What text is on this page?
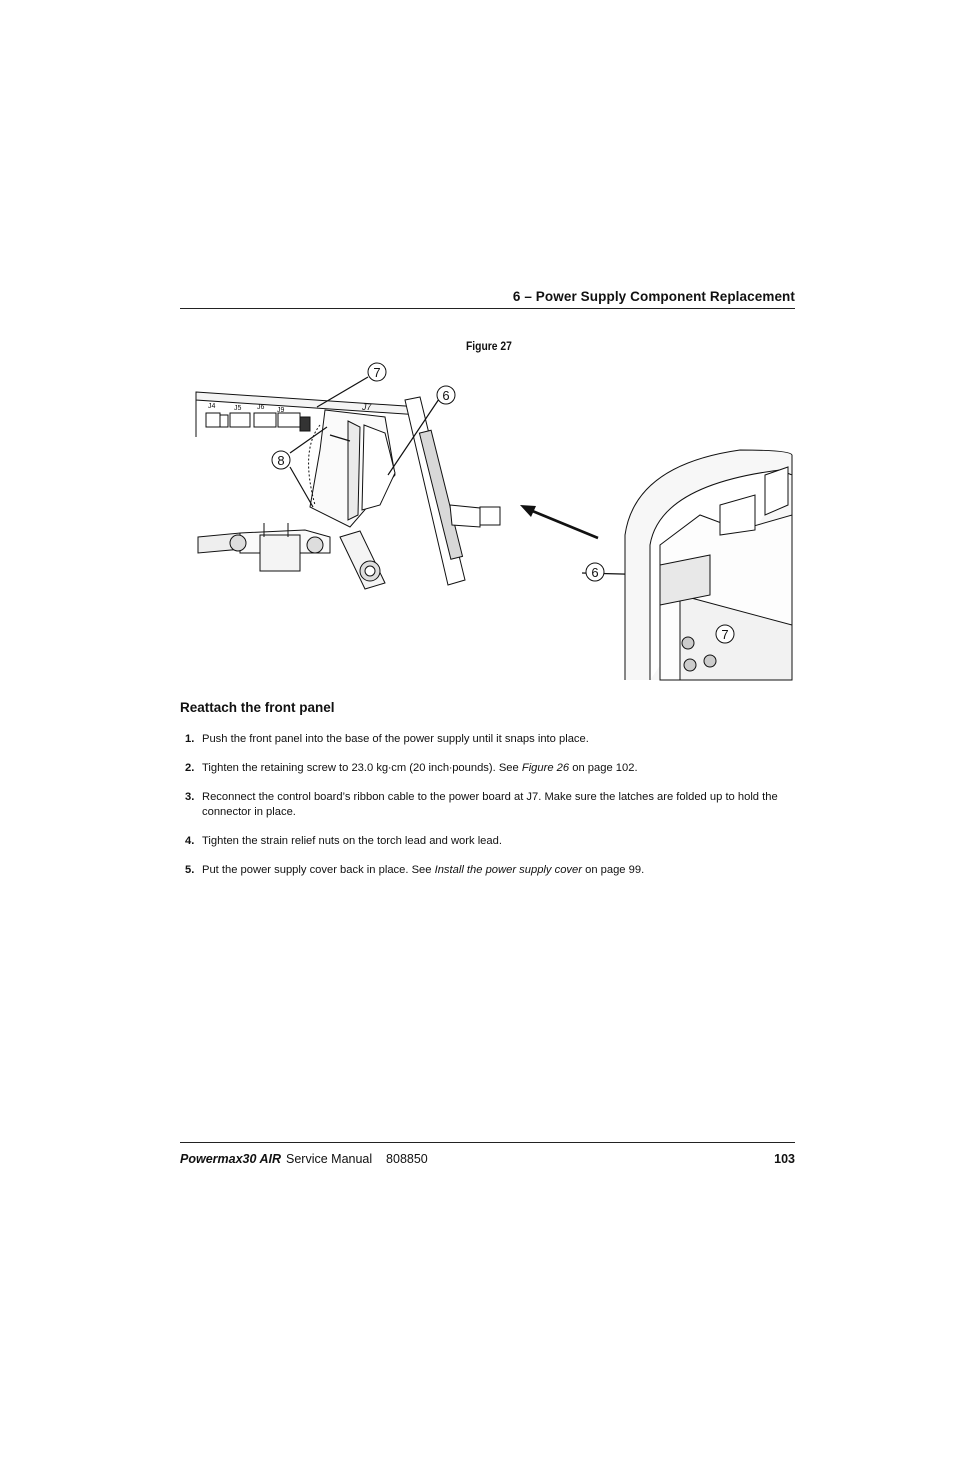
6 – Power Supply Component Replacement
Figure 27
J4	J5 J6 J9	J7
7
6
8
6
7
Reattach the front panel
1. Push the front panel into the base of the power supply until it snaps into place.
2. Tighten the retaining screw to 23.0 kg∙cm (20 inch∙pounds). See Figure 26 on page 102.
3. Reconnect the control board’s ribbon cable to the power board at J7. Make sure the latches are folded up to hold the connector in place.
4. Tighten the strain relief nuts on the torch lead and work lead.
5. Put the power supply cover back in place. See Install the power supply cover on page 99.
Powermax30 AIR Service Manual    808850	103
